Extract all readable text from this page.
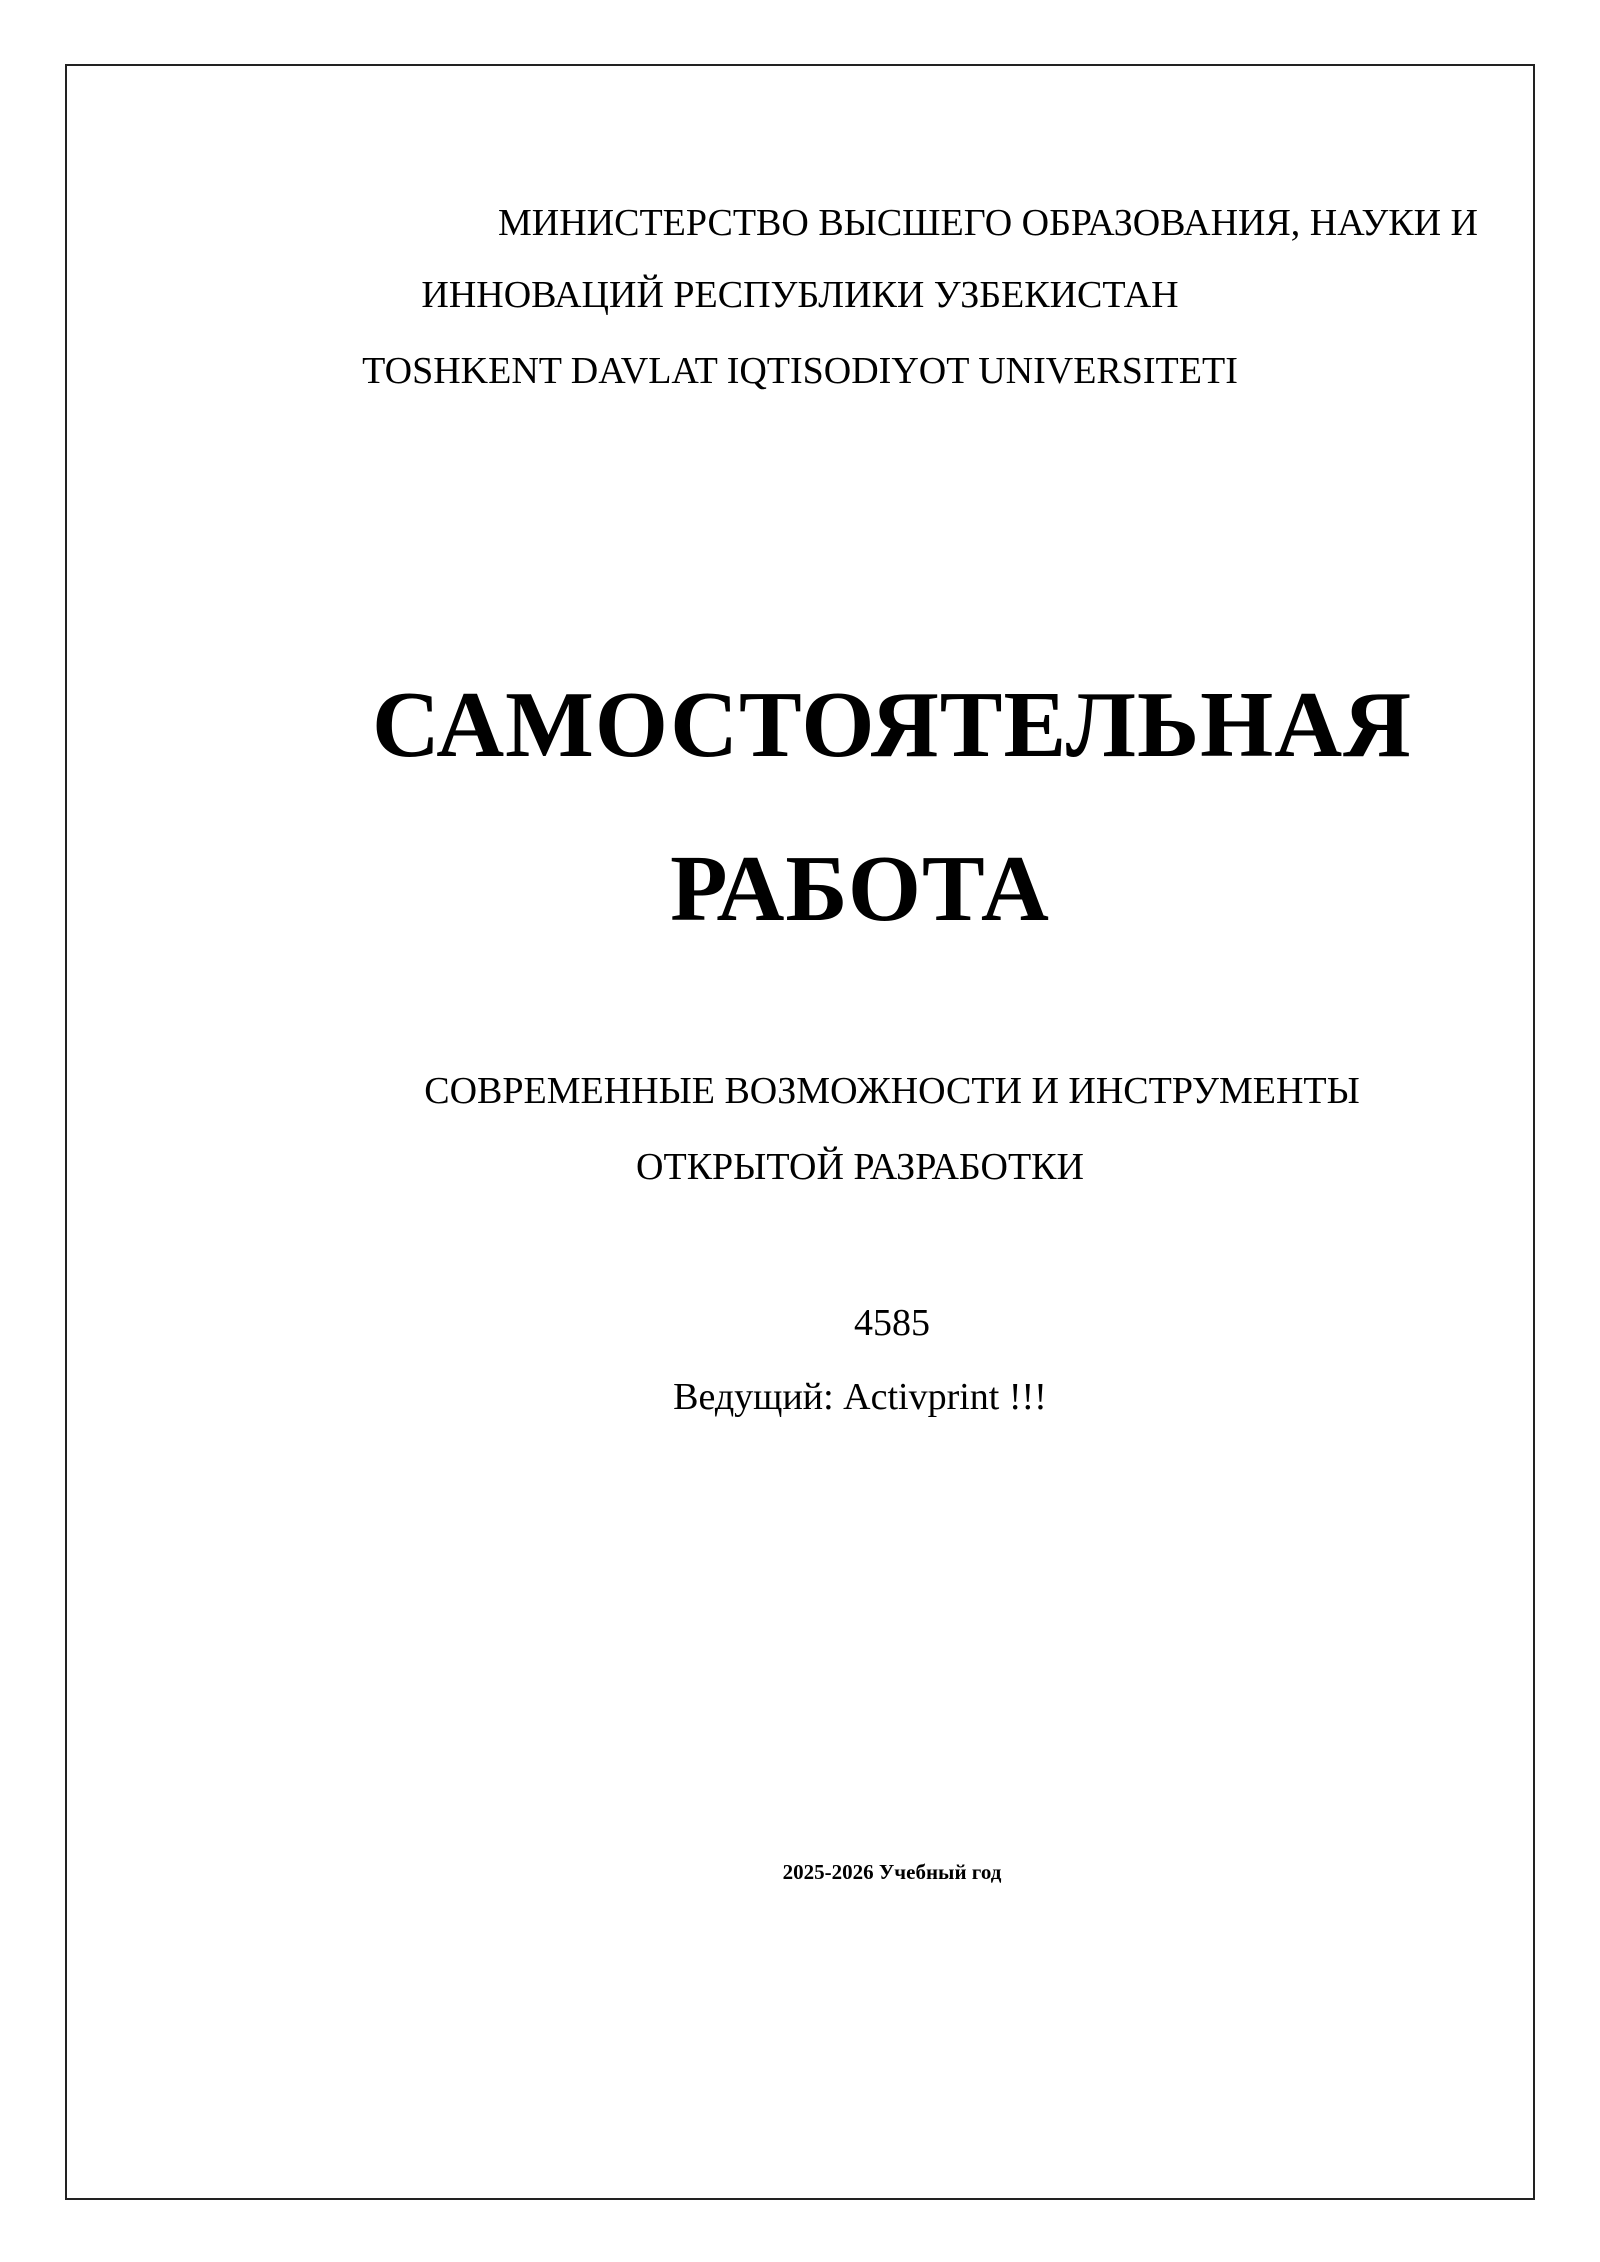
МИНИСТЕРСТВО ВЫСШЕГО ОБРАЗОВАНИЯ, НАУКИ И

ИННОВАЦИЙ РЕСПУБЛИКИ УЗБЕКИСТАН

TOSHKENT DAVLAT IQTISODIYOT UNIVERSITETI

САМОСТОЯТЕЛЬНАЯ
РАБОТА

СОВРЕМЕННЫЕ ВОЗМОЖНОСТИ И ИНСТРУМЕНТЫ

ОТКРЫТОЙ РАЗРАБОТКИ

4585

Ведущий: Activprint !!!

2025-2026 Учебный год
